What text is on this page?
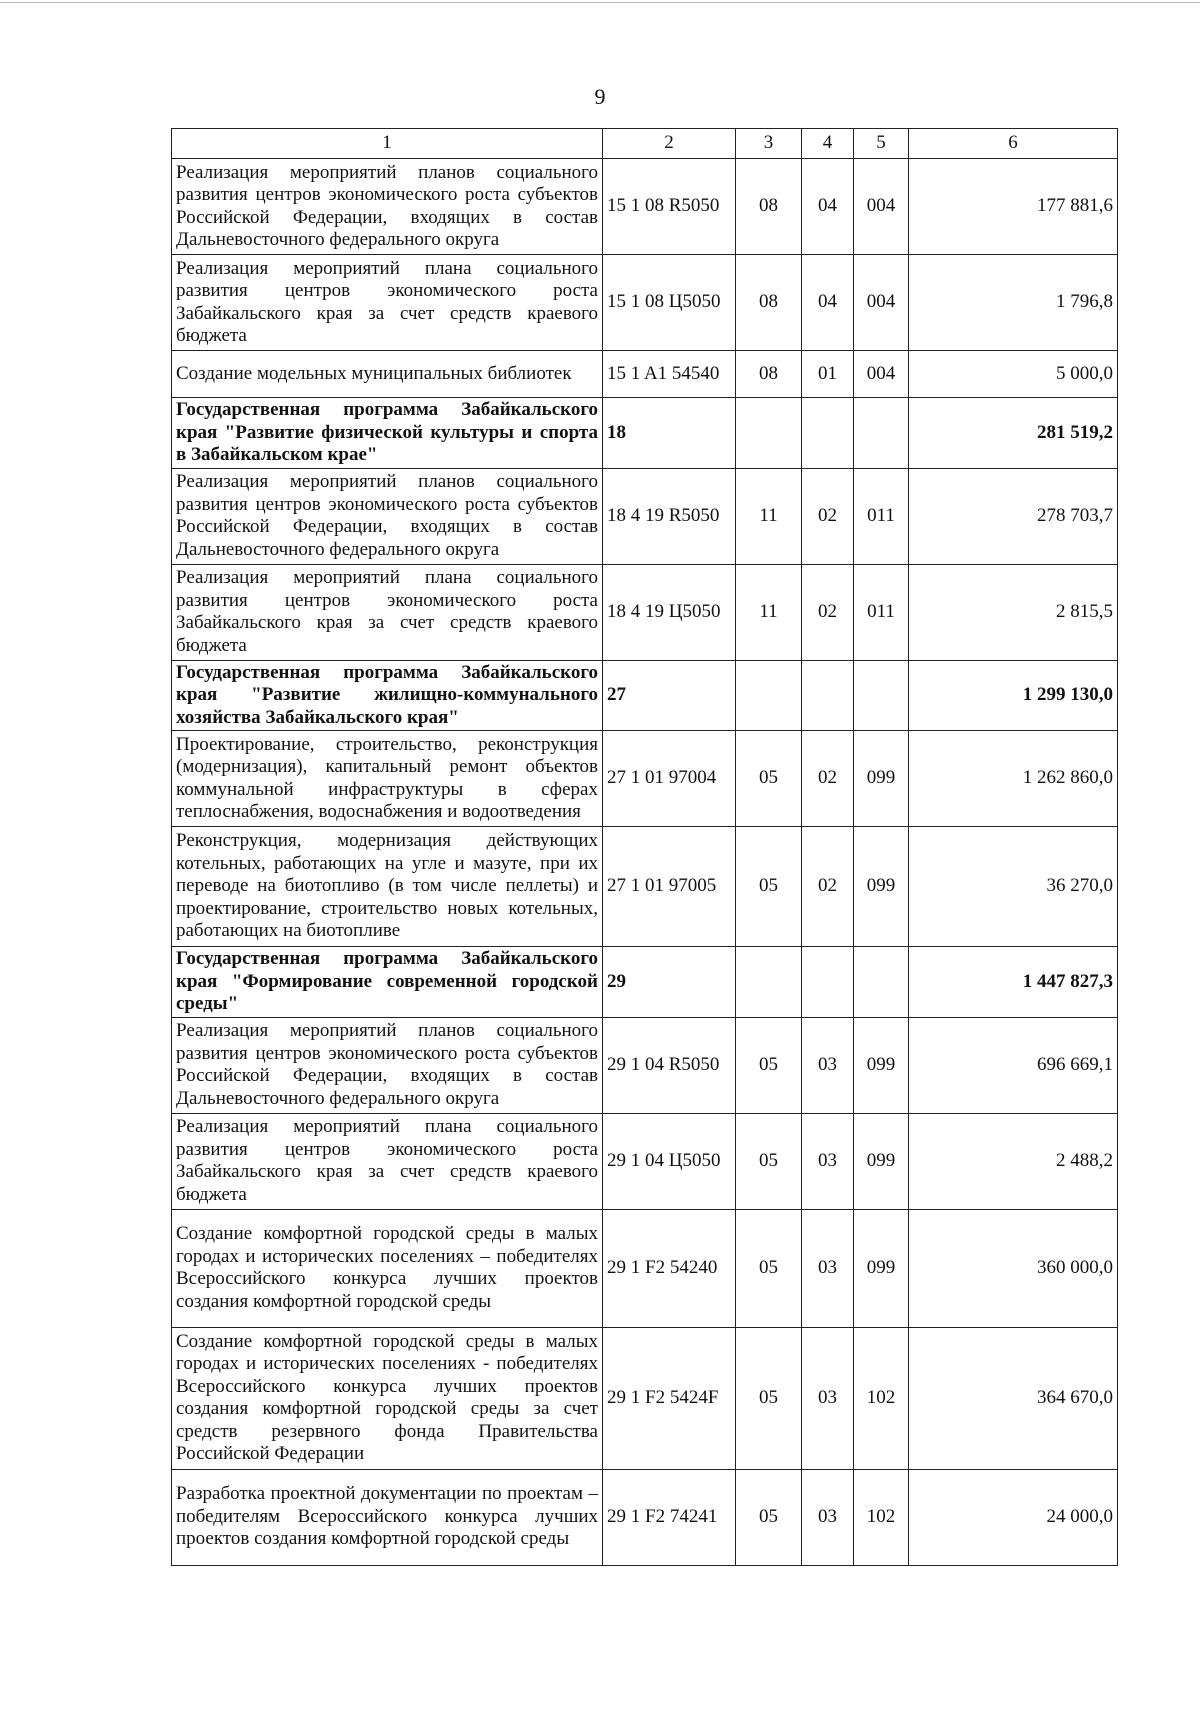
9
1	2	3	4	5	6
Реализация мероприятий планов социального развития центров экономического роста субъектов Российской Федерации, входящих в состав Дальневосточного федерального округа	15 1 08 R5050	08	04	004	177 881,6
Реализация мероприятий плана социального развития центров экономического роста Забайкальского края за счет средств краевого бюджета	15 1 08 Ц5050	08	04	004	1 796,8
Создание модельных муниципальных библиотек	15 1 A1 54540	08	01	004	5 000,0
Государственная программа Забайкальского края "Развитие физической культуры и спорта в Забайкальском крае"	18				281 519,2
Реализация мероприятий планов социального развития центров экономического роста субъектов Российской Федерации, входящих в состав Дальневосточного федерального округа	18 4 19 R5050	11	02	011	278 703,7
Реализация мероприятий плана социального развития центров экономического роста Забайкальского края за счет средств краевого бюджета	18 4 19 Ц5050	11	02	011	2 815,5
Государственная программа Забайкальского края "Развитие жилищно-коммунального хозяйства Забайкальского края"	27				1 299 130,0
Проектирование, строительство, реконструкция (модернизация), капитальный ремонт объектов коммунальной инфраструктуры в сферах теплоснабжения, водоснабжения и водоотведения	27 1 01 97004	05	02	099	1 262 860,0
Реконструкция, модернизация действующих котельных, работающих на угле и мазуте, при их переводе на биотопливо (в том числе пеллеты) и проектирование, строительство новых котельных, работающих на биотопливе	27 1 01 97005	05	02	099	36 270,0
Государственная программа Забайкальского края "Формирование современной городской среды"	29				1 447 827,3
Реализация мероприятий планов социального развития центров экономического роста субъектов Российской Федерации, входящих в состав Дальневосточного федерального округа	29 1 04 R5050	05	03	099	696 669,1
Реализация мероприятий плана социального развития центров экономического роста Забайкальского края за счет средств краевого бюджета	29 1 04 Ц5050	05	03	099	2 488,2
Создание комфортной городской среды в малых городах и исторических поселениях – победителях Всероссийского конкурса лучших проектов создания комфортной городской среды	29 1 F2 54240	05	03	099	360 000,0
Создание комфортной городской среды в малых городах и исторических поселениях - победителях Всероссийского конкурса лучших проектов создания комфортной городской среды за счет средств резервного фонда Правительства Российской Федерации	29 1 F2 5424F	05	03	102	364 670,0
Разработка проектной документации по проектам – победителям Всероссийского конкурса лучших проектов создания комфортной городской среды	29 1 F2 74241	05	03	102	24 000,0
